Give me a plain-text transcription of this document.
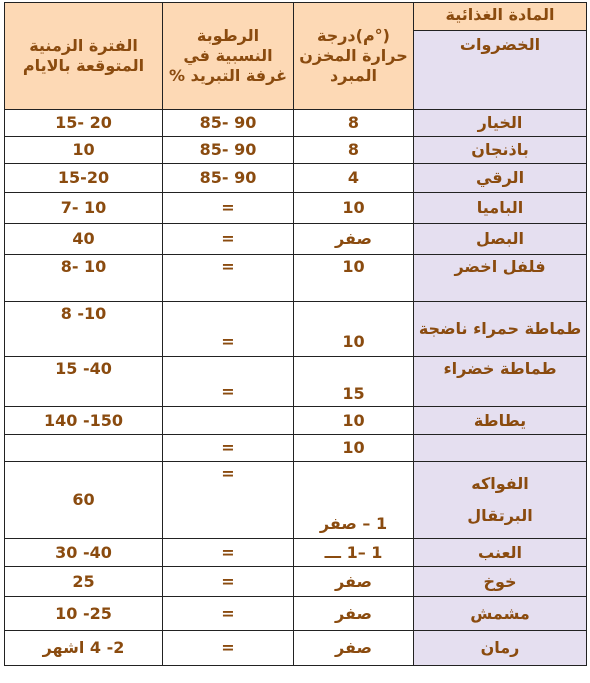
الفترة الزمنية المتوقعة بالايام	الرطوبة النسبية في غرفة التبريد %	(°م)درجة حرارة المخزن المبرد	المادة الغذائية
الخضروات

15- 20	85- 90	8	الخيار
10	85- 90	8	باذنجان
15-20	85- 90	4	الرقي
7- 10	=	10	الباميا
40	=	صفر	البصل
8- 10	=	10	فلفل اخضر
8 -10	=	10	طماطة حمراء ناضجة
15 -40	=	15	طماطة خضراء
140 -150		10	يطاطة
	=	10	
60	=	1 – صفر	الفواكه
البرتقال

30 -40	=	1 –1 ـــ	العنب
25	=	صفر	خوخ
10 -25	=	صفر	مشمش
2- 4 اشهر	=	صفر	رمان
